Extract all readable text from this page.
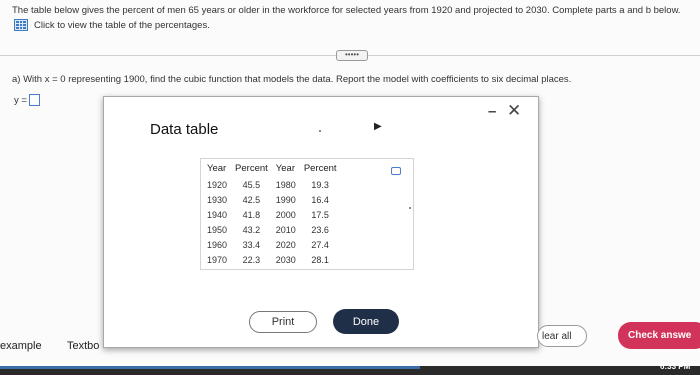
The table below gives the percent of men 65 years or older in the workforce for selected years from 1920 and projected to 2030. Complete parts a and b below.
Click to view the table of the percentages.
•••••
a) With x = 0 representing 1900, find the cubic function that models the data. Report the model with coefficients to six decimal places.
y =
Data table
– ✕
▶
Year	Percent	Year	Percent
1920	45.5	1980	19.3
1930	42.5	1990	16.4
1940	41.8	2000	17.5
1950	43.2	2010	23.6
1960	33.4	2020	27.4
1970	22.3	2030	28.1
Print	Done
example Textbo
lear all	Check answe
6:33 PM
